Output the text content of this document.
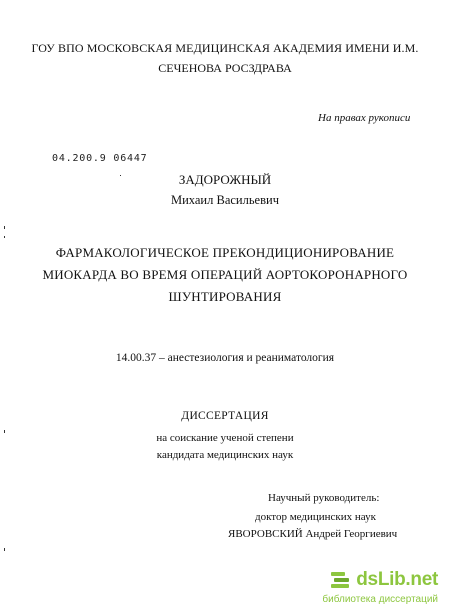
ГОУ ВПО МОСКОВСКАЯ МЕДИЦИНСКАЯ АКАДЕМИЯ ИМЕНИ И.М.
СЕЧЕНОВА РОСЗДРАВА
На правах рукописи
04.200.9 06447
ЗАДОРОЖНЫЙ
Михаил Васильевич
ФАРМАКОЛОГИЧЕСКОЕ ПРЕКОНДИЦИОНИРОВАНИЕ
МИОКАРДА ВО ВРЕМЯ ОПЕРАЦИЙ АОРТОКОРОНАРНОГО
ШУНТИРОВАНИЯ
14.00.37 – анестезиология и реаниматология
ДИССЕРТАЦИЯ
на соискание ученой степени
кандидата медицинских наук
Научный руководитель:
доктор медицинских наук
ЯВОРОВСКИЙ Андрей Георгиевич
dsLib.net
библиотека диссертаций
